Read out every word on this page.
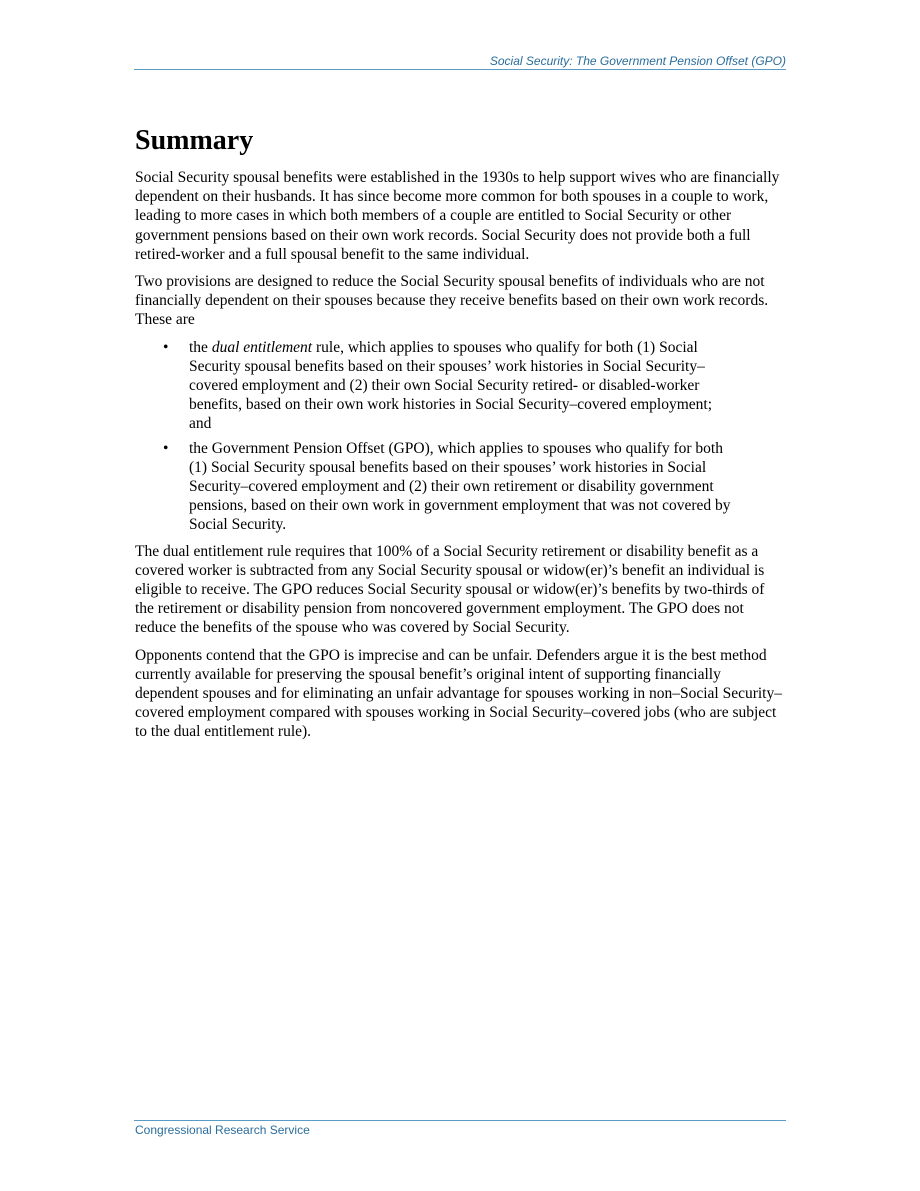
Social Security: The Government Pension Offset (GPO)
Summary

Social Security spousal benefits were established in the 1930s to help support wives who are financially dependent on their husbands. It has since become more common for both spouses in a couple to work, leading to more cases in which both members of a couple are entitled to Social Security or other government pensions based on their own work records. Social Security does not provide both a full retired-worker and a full spousal benefit to the same individual.

Two provisions are designed to reduce the Social Security spousal benefits of individuals who are not financially dependent on their spouses because they receive benefits based on their own work records. These are

• the dual entitlement rule, which applies to spouses who qualify for both (1) Social Security spousal benefits based on their spouses’ work histories in Social Security–covered employment and (2) their own Social Security retired- or disabled-worker benefits, based on their own work histories in Social Security–covered employment; and
• the Government Pension Offset (GPO), which applies to spouses who qualify for both (1) Social Security spousal benefits based on their spouses’ work histories in Social Security–covered employment and (2) their own retirement or disability government pensions, based on their own work in government employment that was not covered by Social Security.

The dual entitlement rule requires that 100% of a Social Security retirement or disability benefit as a covered worker is subtracted from any Social Security spousal or widow(er)’s benefit an individual is eligible to receive. The GPO reduces Social Security spousal or widow(er)’s benefits by two-thirds of the retirement or disability pension from noncovered government employment. The GPO does not reduce the benefits of the spouse who was covered by Social Security.

Opponents contend that the GPO is imprecise and can be unfair. Defenders argue it is the best method currently available for preserving the spousal benefit’s original intent of supporting financially dependent spouses and for eliminating an unfair advantage for spouses working in non–Social Security–covered employment compared with spouses working in Social Security–covered jobs (who are subject to the dual entitlement rule).

Congressional Research Service
